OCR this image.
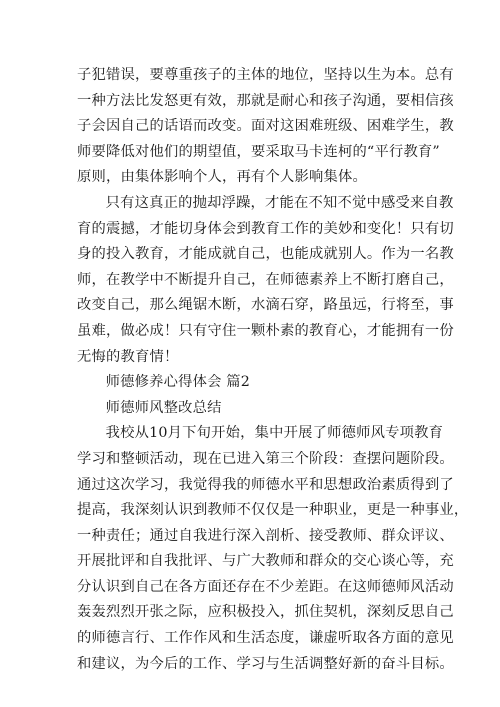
子犯错误，要尊重孩子的主体的地位，坚持以生为本。总有
一种方法比发怒更有效，那就是耐心和孩子沟通，要相信孩
子会因自己的话语而改变。面对这困难班级、困难学生，教
师要降低对他们的期望值，要采取马卡连柯的“平行教育”
原则，由集体影响个人，再有个人影响集体。
只有这真正的抛却浮躁，才能在不知不觉中感受来自教
育的震撼，才能切身体会到教育工作的美妙和变化！只有切
身的投入教育，才能成就自己，也能成就别人。作为一名教
师，在教学中不断提升自己，在师德素养上不断打磨自己，
改变自己，那么绳锯木断，水滴石穿，路虽远，行将至，事
虽难，做必成！只有守住一颗朴素的教育心，才能拥有一份
无悔的教育情！
师德修养心得体会 篇2
师德师风整改总结
我校从10月下旬开始，集中开展了师德师风专项教育
学习和整顿活动，现在已进入第三个阶段：查摆问题阶段。
通过这次学习，我觉得我的师德水平和思想政治素质得到了
提高，我深刻认识到教师不仅仅是一种职业，更是一种事业，
一种责任；通过自我进行深入剖析、接受教师、群众评议、
开展批评和自我批评、与广大教师和群众的交心谈心等，充
分认识到自己在各方面还存在不少差距。在这师德师风活动
轰轰烈烈开张之际，应积极投入，抓住契机，深刻反思自己
的师德言行、工作作风和生活态度，谦虚听取各方面的意见
和建议，为今后的工作、学习与生活调整好新的奋斗目标。
